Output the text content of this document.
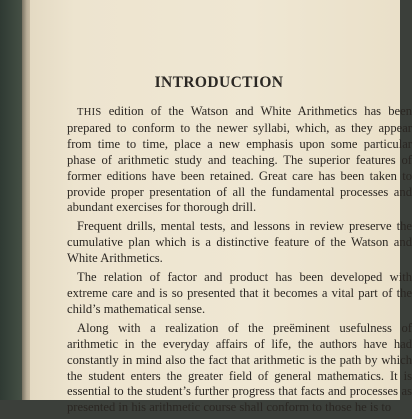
INTRODUCTION

THIS edition of the Watson and White Arithmetics has been prepared to conform to the newer syllabi, which, as they appear from time to time, place a new emphasis upon some particular phase of arithmetic study and teaching. The superior features of former editions have been retained. Great care has been taken to provide proper presentation of all the fundamental processes and abundant exercises for thorough drill.

Frequent drills, mental tests, and lessons in review preserve the cumulative plan which is a distinctive feature of the Watson and White Arithmetics.

The relation of factor and product has been developed with extreme care and is so presented that it becomes a vital part of the child’s mathematical sense.

Along with a realization of the preëminent usefulness of arithmetic in the everyday affairs of life, the authors have had constantly in mind also the fact that arithmetic is the path by which the student enters the greater field of general mathematics. It is essential to the student’s further progress that facts and processes as presented in his arithmetic course shall conform to those he is to
